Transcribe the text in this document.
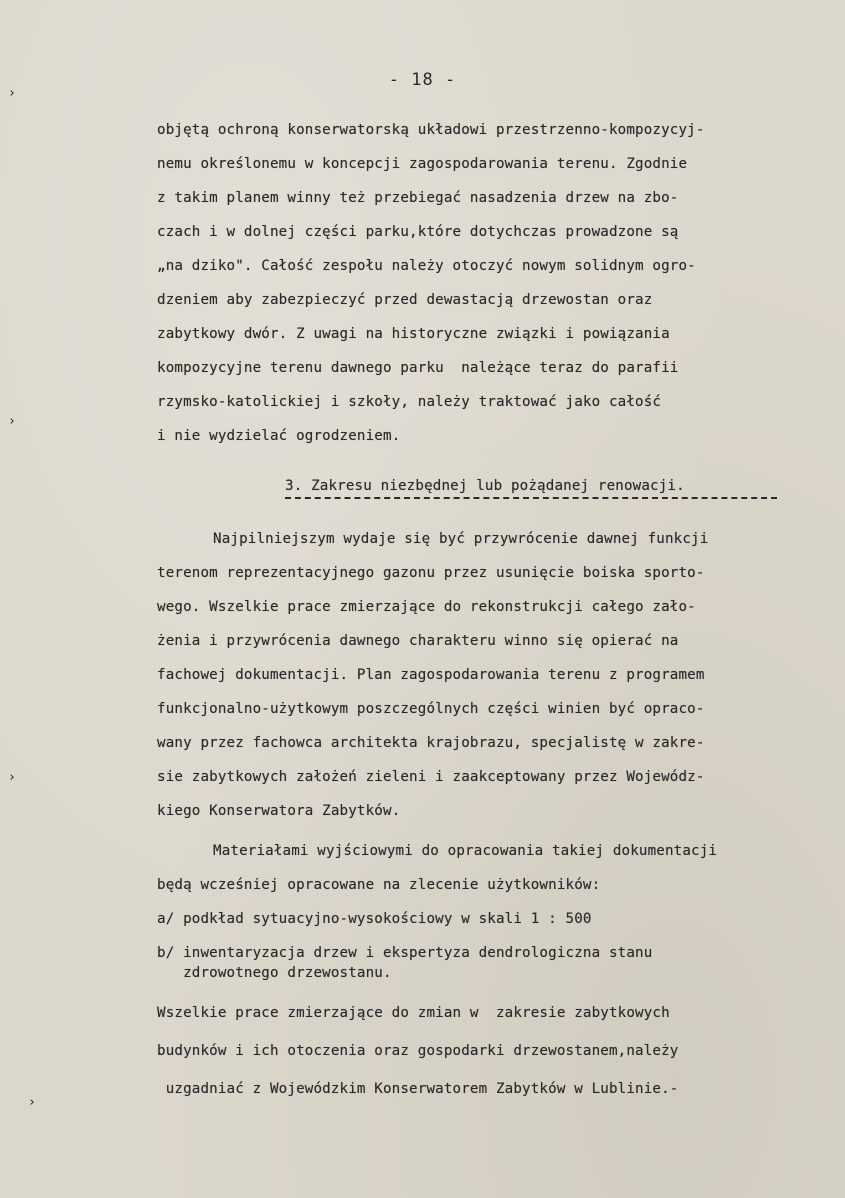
- 18 -
›
›
›
›
objętą ochroną konserwatorską układowi przestrzenno-kompozycyj-
nemu określonemu w koncepcji zagospodarowania terenu. Zgodnie
z takim planem winny też przebiegać nasadzenia drzew na zbo-
czach i w dolnej części parku,które dotychczas prowadzone są
„na dziko". Całość zespołu należy otoczyć nowym solidnym ogro-
dzeniem aby zabezpieczyć przed dewastacją drzewostan oraz
zabytkowy dwór. Z uwagi na historyczne związki i powiązania
kompozycyjne terenu dawnego parku  należące teraz do parafii
rzymsko-katolickiej i szkoły, należy traktować jako całość
i nie wydzielać ogrodzeniem.
3. Zakresu niezbędnej lub pożądanej renowacji.
Najpilniejszym wydaje się być przywrócenie dawnej funkcji
terenom reprezentacyjnego gazonu przez usunięcie boiska sporto-
wego. Wszelkie prace zmierzające do rekonstrukcji całego zało-
żenia i przywrócenia dawnego charakteru winno się opierać na
fachowej dokumentacji. Plan zagospodarowania terenu z programem
funkcjonalno-użytkowym poszczególnych części winien być opraco-
wany przez fachowca architekta krajobrazu, specjalistę w zakre-
sie zabytkowych założeń zieleni i zaakceptowany przez Wojewódz-
kiego Konserwatora Zabytków.
Materiałami wyjściowymi do opracowania takiej dokumentacji
będą wcześniej opracowane na zlecenie użytkowników:
a/ podkład sytuacyjno-wysokościowy w skali 1 : 500
b/ inwentaryzacja drzew i ekspertyza dendrologiczna stanu
zdrowotnego drzewostanu.
Wszelkie prace zmierzające do zmian w  zakresie zabytkowych
budynków i ich otoczenia oraz gospodarki drzewostanem,należy
uzgadniać z Wojewódzkim Konserwatorem Zabytków w Lublinie.-
